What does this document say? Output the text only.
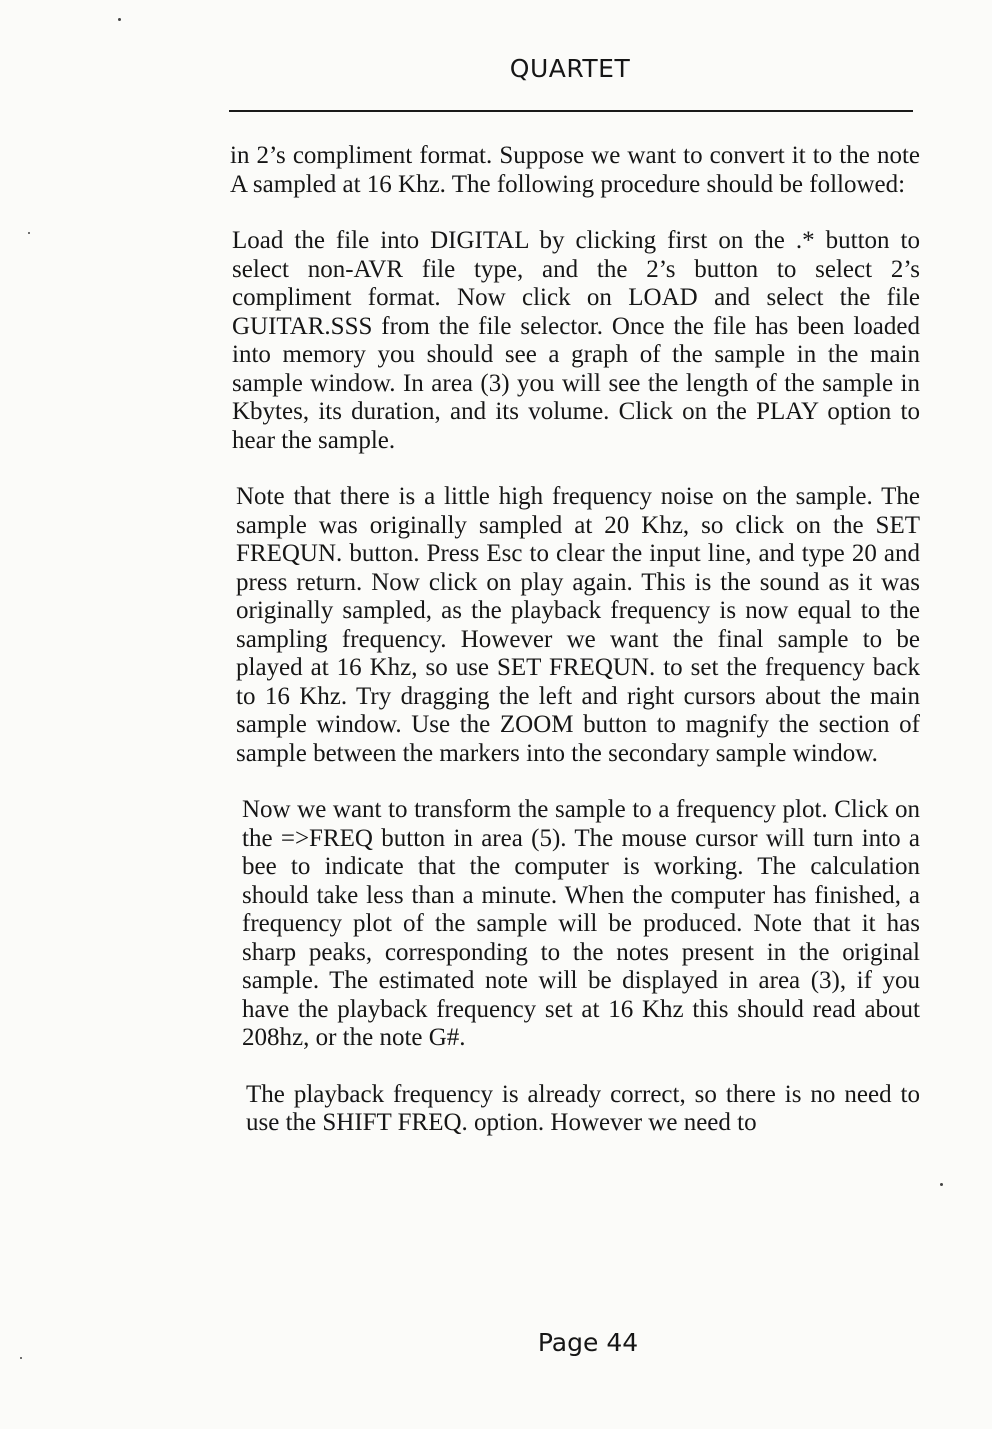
QUARTET

in 2’s compliment format. Suppose we want to convert it to the note A sampled at 16 Khz. The following procedure should be followed:

Load the file into DIGITAL by clicking first on the .* button to select non-AVR file type, and the 2’s button to select 2’s compliment format. Now click on LOAD and select the file GUITAR.SSS from the file selector. Once the file has been loaded into memory you should see a graph of the sample in the main sample window. In area (3) you will see the length of the sample in Kbytes, its duration, and its volume. Click on the PLAY option to hear the sample.

Note that there is a little high frequency noise on the sample. The sample was originally sampled at 20 Khz, so click on the SET FREQUN. button. Press Esc to clear the input line, and type 20 and press return. Now click on play again. This is the sound as it was originally sampled, as the playback frequency is now equal to the sampling frequency. However we want the final sample to be played at 16 Khz, so use SET FREQUN. to set the frequency back to 16 Khz. Try dragging the left and right cursors about the main sample window. Use the ZOOM button to magnify the section of sample between the markers into the secondary sample window.

Now we want to transform the sample to a frequency plot. Click on the =>FREQ button in area (5). The mouse cursor will turn into a bee to indicate that the computer is working. The calculation should take less than a minute. When the computer has finished, a frequency plot of the sample will be produced. Note that it has sharp peaks, corresponding to the notes present in the original sample. The estimated note will be displayed in area (3), if you have the playback frequency set at 16 Khz this should read about 208hz, or the note G#.

The playback frequency is already correct, so there is no need to use the SHIFT FREQ. option. However we need to

Page 44
